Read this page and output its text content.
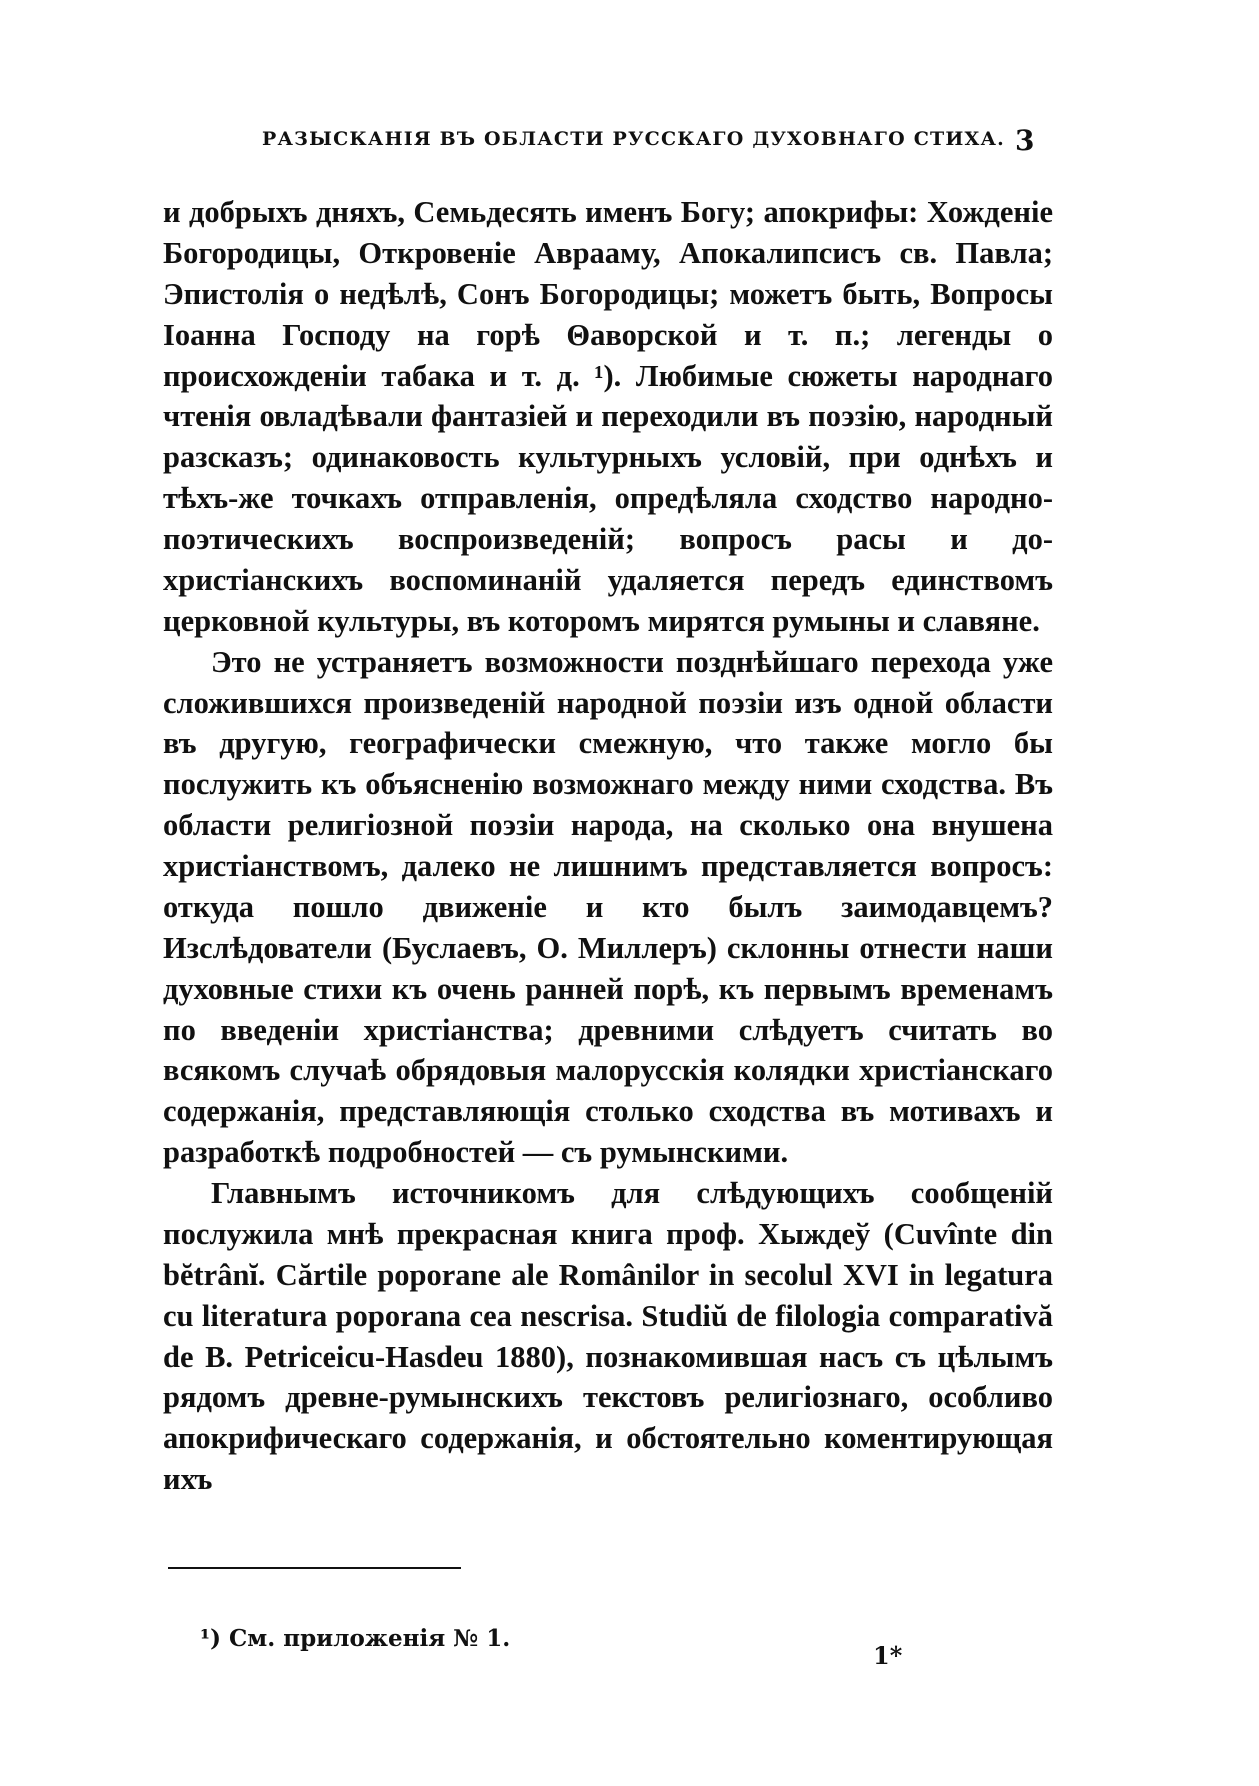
РАЗЫСКАНІЯ ВЪ ОБЛАСТИ РУССКАГО ДУХОВНАГО СТИХА. 3

и добрыхъ дняхъ, Семьдесять именъ Богу; апокрифы: Хожденіе Богородицы, Откровеніе Аврааму, Апокалипсисъ св. Павла; Эпистолія о недѣлѣ, Сонъ Богородицы; можетъ быть, Вопросы Іоанна Господу на горѣ Θаворской и т. п.; легенды о происхожденіи табака и т. д. ¹). Любимые сюжеты народнаго чтенія овладѣвали фантазіей и переходили въ поэзію, народный разсказъ; одинаковость культурныхъ условій, при однѣхъ и тѣхъ-же точкахъ отправленія, опредѣляла сходство народно-поэтическихъ воспроизведеній; вопросъ расы и до-христіанскихъ воспоминаній удаляется передъ единствомъ церковной культуры, въ которомъ мирятся румыны и славяне.

Это не устраняетъ возможности позднѣйшаго перехода уже сложившихся произведеній народной поэзіи изъ одной области въ другую, географически смежную, что также могло бы послужить къ объясненію возможнаго между ними сходства. Въ области религіозной поэзіи народа, на сколько она внушена христіанствомъ, далеко не лишнимъ представляется вопросъ: откуда пошло движеніе и кто былъ заимодавцемъ? Изслѣдователи (Буслаевъ, О. Миллеръ) склонны отнести наши духовные стихи къ очень ранней порѣ, къ первымъ временамъ по введеніи христіанства; древними слѣдуетъ считать во всякомъ случаѣ обрядовыя малорусскія колядки христіанскаго содержанія, представляющія столько сходства въ мотивахъ и разработкѣ подробностей — съ румынскими.

Главнымъ источникомъ для слѣдующихъ сообщеній послужила мнѣ прекрасная книга проф. Хыждеў (Cuvînte din bĕtrânĭ. Cărtile poporane ale Românilor in secolul XVI in legatura cu literatura poporana cea nescrisa. Studiŭ de filologia comparativă de B. Petriceicu-Hasdeu 1880), познакомившая насъ съ цѣлымъ рядомъ древне-румынскихъ текстовъ религіознаго, особливо апокрифическаго содержанія, и обстоятельно коментирующая ихъ

¹) См. приложенія № 1.
1*
